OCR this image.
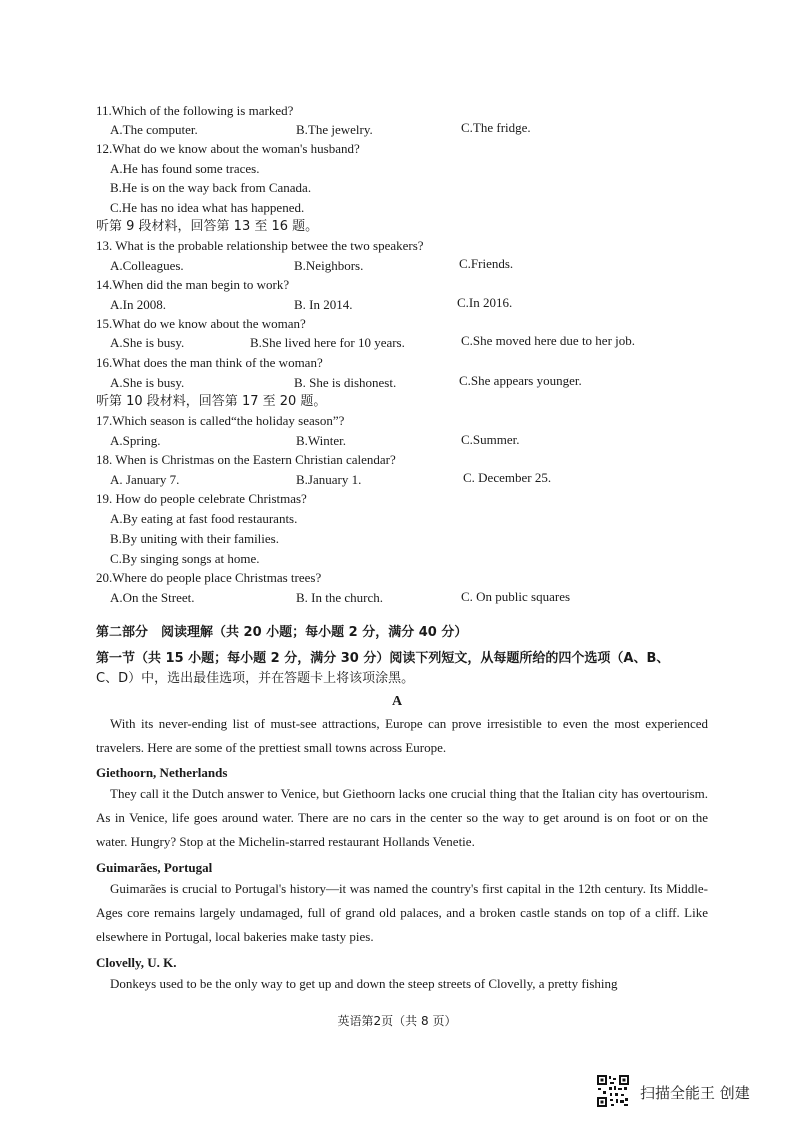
11.Which of the following is marked?
A.The computer.	B.The jewelry.	C.The fridge.
12.What do we know about the woman's husband?
A.He has found some traces.
B.He is on the way back from Canada.
C.He has no idea what has happened.
听第 9 段材料，回答第 13 至 16 题。
13. What is the probable relationship betwee the two speakers?
A.Colleagues.	B.Neighbors.	C.Friends.
14.When did the man begin to work?
A.In 2008.	B. In 2014.	C.In 2016.
15.What do we know about the woman?
A.She is busy.	B.She lived here for 10 years.	C.She moved here due to her job.
16.What does the man think of the woman?
A.She is busy.	B. She is dishonest.	C.She appears younger.
听第 10 段材料，回答第 17 至 20 题。
17.Which season is called“the holiday season”?
A.Spring.	B.Winter.	C.Summer.
18. When is Christmas on the Eastern Christian calendar?
A. January 7.	B.January 1.	C. December 25.
19. How do people celebrate Christmas?
A.By eating at fast food restaurants.
B.By uniting with their families.
C.By singing songs at home.
20.Where do people place Christmas trees?
A.On the Street.	B. In the church.	C. On public squares
第二部分　阅读理解（共 20 小题；每小题 2 分，满分 40 分）
第一节（共 15 小题；每小题 2 分，满分 30 分）阅读下列短文，从每题所给的四个选项（A、B、
C、D）中，选出最佳选项，并在答题卡上将该项涂黑。
A
With its never-ending list of must-see attractions, Europe can prove irresistible to even the most experienced travelers. Here are some of the prettiest small towns across Europe.
Giethoorn, Netherlands
They call it the Dutch answer to Venice, but Giethoorn lacks one crucial thing that the Italian city has overtourism. As in Venice, life goes around water. There are no cars in the center so the way to get around is on foot or on the water. Hungry? Stop at the Michelin-starred restaurant Hollands Venetie.
Guimarães, Portugal
Guimarães is crucial to Portugal's history—it was named the country's first capital in the 12th century. Its Middle-Ages core remains largely undamaged, full of grand old palaces, and a broken castle stands on top of a cliff. Like elsewhere in Portugal, local bakeries make tasty pies.
Clovelly, U. K.
Donkeys used to be the only way to get up and down the steep streets of Clovelly, a pretty fishing
英语第2页（共 8 页）
扫描全能王 创建
